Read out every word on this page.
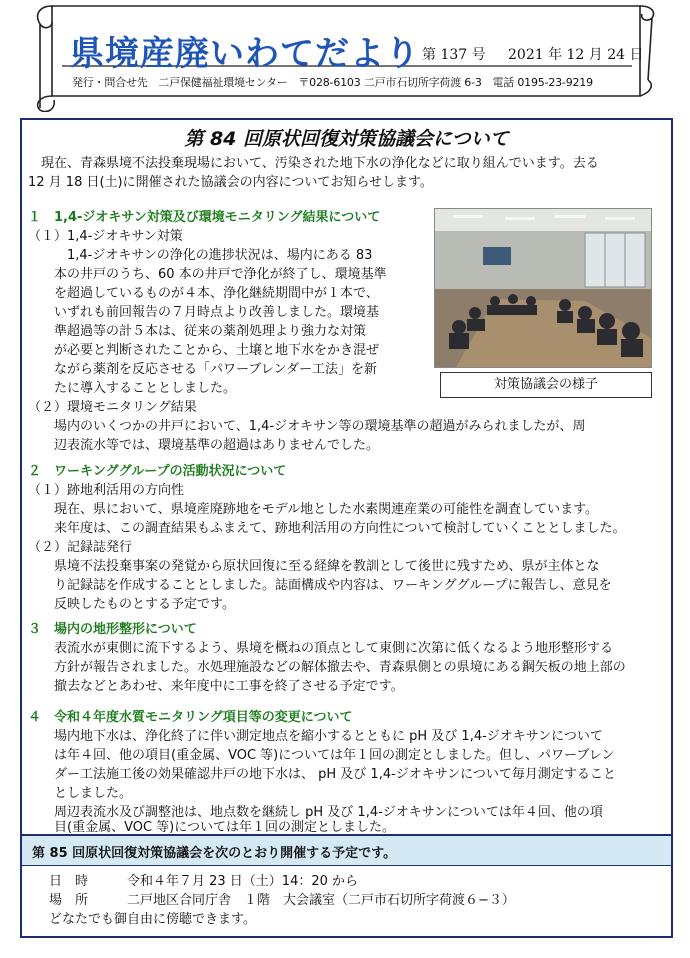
県境産廃いわてだより 第 137 号 2021 年 12 月 24 日
発行・問合せ先　二戸保健福祉環境センター　〒028-6103 二戸市石切所字荷渡 6-3　電話 0195-23-9219
第 84 回原状回復対策協議会について
　現在、青森県境不法投棄現場において、汚染された地下水の浄化などに取り組んでいます。去る
12 月 18 日(土)に開催された協議会の内容についてお知らせします。
１　1,4-ジオキサン対策及び環境モニタリング結果について
（１）1,4-ジオキサン対策
　　　1,4-ジオキサンの浄化の進捗状況は、場内にある 83
　　本の井戸のうち、60 本の井戸で浄化が終了し、環境基準
　　を超過しているものが４本、浄化継続期間中が１本で、
　　いずれも前回報告の７月時点より改善しました。環境基
　　準超過等の計５本は、従来の薬剤処理より強力な対策
　　が必要と判断されたことから、土壌と地下水をかき混ぜ
　　ながら薬剤を反応させる「パワーブレンダー工法」を新
　　たに導入することとしました。
（２）環境モニタリング結果
　　場内のいくつかの井戸において、1,4-ジオキサン等の環境基準の超過がみられましたが、周
　　辺表流水等では、環境基準の超過はありませんでした。
対策協議会の様子
２　ワーキンググループの活動状況について
（１）跡地利活用の方向性
　　現在、県において、県境産廃跡地をモデル地とした水素関連産業の可能性を調査しています。
　　来年度は、この調査結果もふまえて、跡地利活用の方向性について検討していくこととしました。
（２）記録誌発行
　　県境不法投棄事案の発覚から原状回復に至る経緯を教訓として後世に残すため、県が主体とな
　　り記録誌を作成することとしました。誌面構成や内容は、ワーキンググループに報告し、意見を
　　反映したものとする予定です。
３　場内の地形整形について
　　表流水が東側に流下するよう、県境を概ねの頂点として東側に次第に低くなるよう地形整形する
　　方針が報告されました。水処理施設などの解体撤去や、青森県側との県境にある鋼矢板の地上部の
　　撤去などとあわせ、来年度中に工事を終了させる予定です。
４　令和４年度水質モニタリング項目等の変更について
　　場内地下水は、浄化終了に伴い測定地点を縮小するとともに pH 及び 1,4-ジオキサンについて
　　は年４回、他の項目(重金属、VOC 等)については年１回の測定としました。但し、パワーブレン
　　ダー工法施工後の効果確認井戸の地下水は、 pH 及び 1,4-ジオキサンについて毎月測定すること
　　としました。
　　周辺表流水及び調整池は、地点数を継続し pH 及び 1,4-ジオキサンについては年４回、他の項
　　目(重金属、VOC 等)については年１回の測定としました。
第 85 回原状回復対策協議会を次のとおり開催する予定です。
　日　時　　　令和４年７月 23 日（土）14：20 から
　場　所　　　二戸地区合同庁舎　１階　大会議室（二戸市石切所字荷渡６−３）
　どなたでも御自由に傍聴できます。
